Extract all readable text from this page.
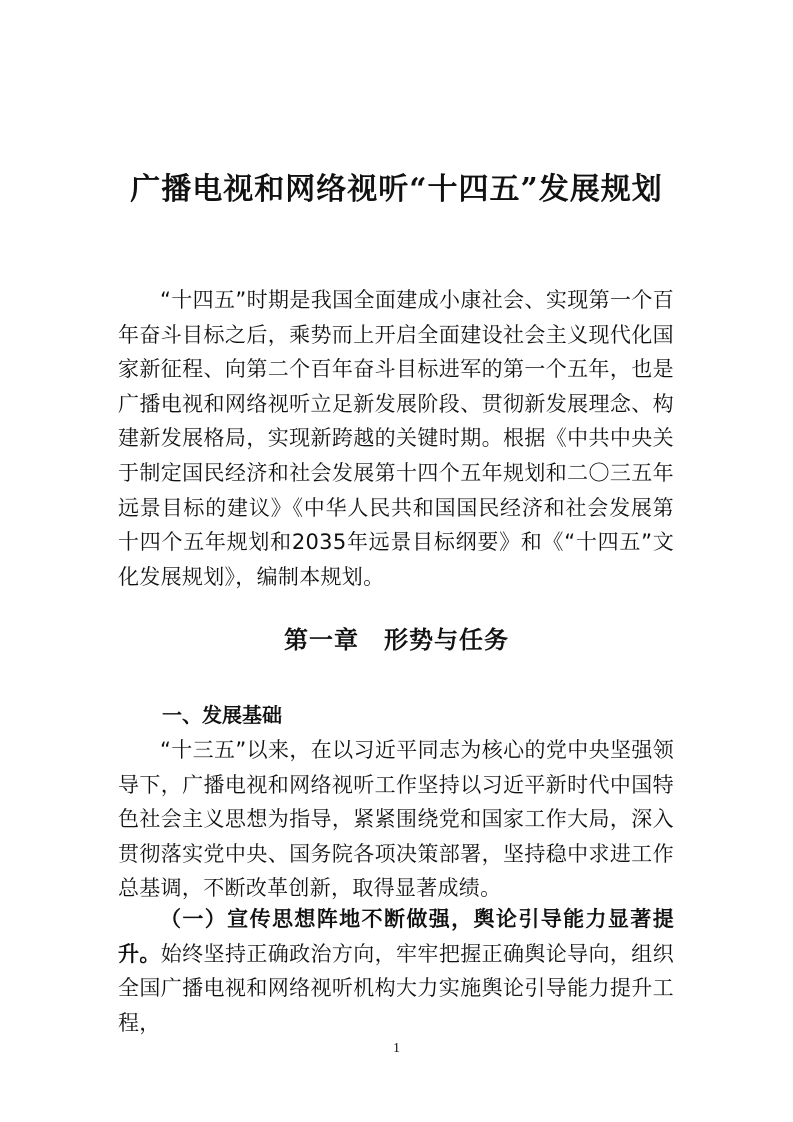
广播电视和网络视听“十四五”发展规划

“十四五”时期是我国全面建成小康社会、实现第一个百年奋斗目标之后，乘势而上开启全面建设社会主义现代化国家新征程、向第二个百年奋斗目标进军的第一个五年，也是广播电视和网络视听立足新发展阶段、贯彻新发展理念、构建新发展格局，实现新跨越的关键时期。根据《中共中央关于制定国民经济和社会发展第十四个五年规划和二〇三五年远景目标的建议》《中华人民共和国国民经济和社会发展第十四个五年规划和2035年远景目标纲要》和《“十四五”文化发展规划》，编制本规划。

第一章　形势与任务
一、发展基础

“十三五”以来，在以习近平同志为核心的党中央坚强领导下，广播电视和网络视听工作坚持以习近平新时代中国特色社会主义思想为指导，紧紧围绕党和国家工作大局，深入贯彻落实党中央、国务院各项决策部署，坚持稳中求进工作总基调，不断改革创新，取得显著成绩。

（一）宣传思想阵地不断做强，舆论引导能力显著提升。始终坚持正确政治方向，牢牢把握正确舆论导向，组织全国广播电视和网络视听机构大力实施舆论引导能力提升工程，

1
